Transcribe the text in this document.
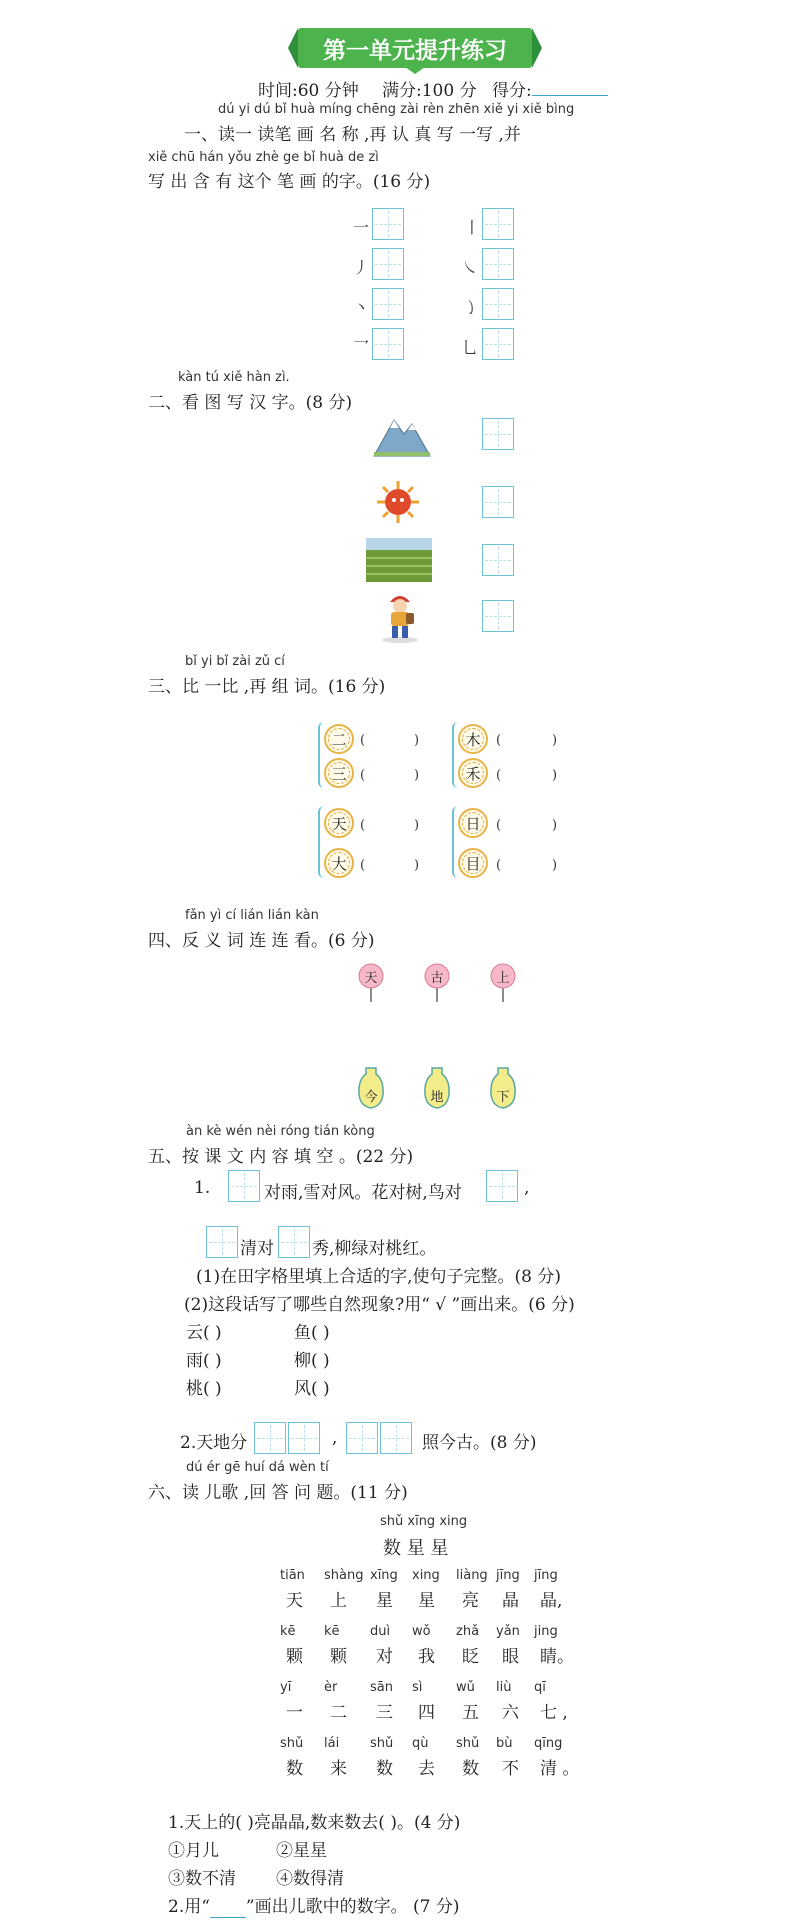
第一单元提升练习
时间:60 分钟 满分:100 分 得分:
dú yi dú bǐ huà míng chēng zài rèn zhēn xiě yi xiě bìng
一、读一 读笔 画 名 称 ,再 认 真 写 一写 ,并
xiě chū hán yǒu zhè ge bǐ huà de zì
写 出 含 有 这个 笔 画 的字。(16 分)
一
丿
丶
乛
丨
㇏
㇁
乚
kàn tú xiě hàn zì.
二、看 图 写 汉 字。(8 分)
bǐ yi bǐ zài zǔ cí
三、比 一比 ,再 组 词。(16 分)
二	(	)
三	(	)
木	(	)
禾	(	)
天	(	)
大	(	)
日	(	)
目	(	)
fǎn yì cí lián lián kàn
四、反 义 词 连 连 看。(6 分)
天	古	上
今	地	下
àn kè wén nèi róng tián kòng
五、按 课 文 内 容 填 空 。(22 分)
1.	对雨,雪对风。花对树,鸟对	,
清对 秀,柳绿对桃红。
(1)在田字格里填上合适的字,使句子完整。(8 分)
(2)这段话写了哪些自然现象?用“ √ ”画出来。(6 分)
云( )	鱼( )
雨( )	柳( )
桃( )	风( )
2.天地分	,	照今古。(8 分)
dú ér gē huí dá wèn tí
六、读 儿歌 ,回 答 问 题。(11 分)
shǔ xīng xing
数 星 星
tiān shàng xīng xing liàng jīng jīng
天 上 星 星 亮 晶 晶,
kē kē duì wǒ zhǎ yǎn jing
颗 颗 对 我 眨 眼 睛。
yī	èr	sān sì	wǔ liù qī
一 二 三 四 五 六 七 ,
shǔ lái shǔ qù shǔ bù qīng
数 来 数 去 数 不 清 。
1.天上的( )亮晶晶,数来数去( )。(4 分)
①月儿	②星星
③数不清 ④数得清
2.用“ ”画出儿歌中的数字。 (7 分)
